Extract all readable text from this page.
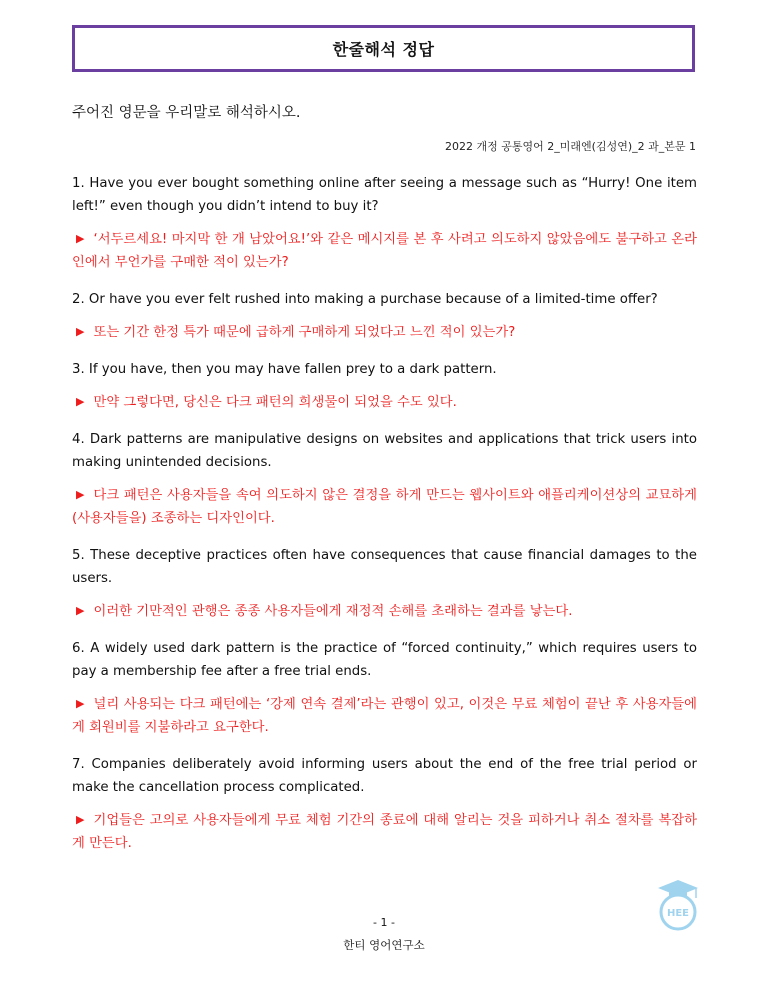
한줄해석 정답
주어진 영문을 우리말로 해석하시오.
2022 개정 공통영어 2_미래엔(김성연)_2 과_본문 1

1. Have you ever bought something online after seeing a message such as “Hurry! One item left!” even though you didn’t intend to buy it?

▶ ‘서두르세요! 마지막 한 개 남았어요!’와 같은 메시지를 본 후 사려고 의도하지 않았음에도 불구하고 온라인에서 무언가를 구매한 적이 있는가?

2. Or have you ever felt rushed into making a purchase because of a limited-time offer?

▶ 또는 기간 한정 특가 때문에 급하게 구매하게 되었다고 느낀 적이 있는가?

3. If you have, then you may have fallen prey to a dark pattern.

▶ 만약 그렇다면, 당신은 다크 패턴의 희생물이 되었을 수도 있다.

4. Dark patterns are manipulative designs on websites and applications that trick users into making unintended decisions.

▶ 다크 패턴은 사용자들을 속여 의도하지 않은 결정을 하게 만드는 웹사이트와 애플리케이션상의 교묘하게 (사용자들을) 조종하는 디자인이다.

5. These deceptive practices often have consequences that cause financial damages to the users.

▶ 이러한 기만적인 관행은 종종 사용자들에게 재정적 손해를 초래하는 결과를 낳는다.

6. A widely used dark pattern is the practice of “forced continuity,” which requires users to pay a membership fee after a free trial ends.

▶ 널리 사용되는 다크 패턴에는 ‘강제 연속 결제’라는 관행이 있고, 이것은 무료 체험이 끝난 후 사용자들에게 회원비를 지불하라고 요구한다.

7. Companies deliberately avoid informing users about the end of the free trial period or make the cancellation process complicated.

▶ 기업들은 고의로 사용자들에게 무료 체험 기간의 종료에 대해 알리는 것을 피하거나 취소 절차를 복잡하게 만든다.

HEE
- 1 -
한티 영어연구소
